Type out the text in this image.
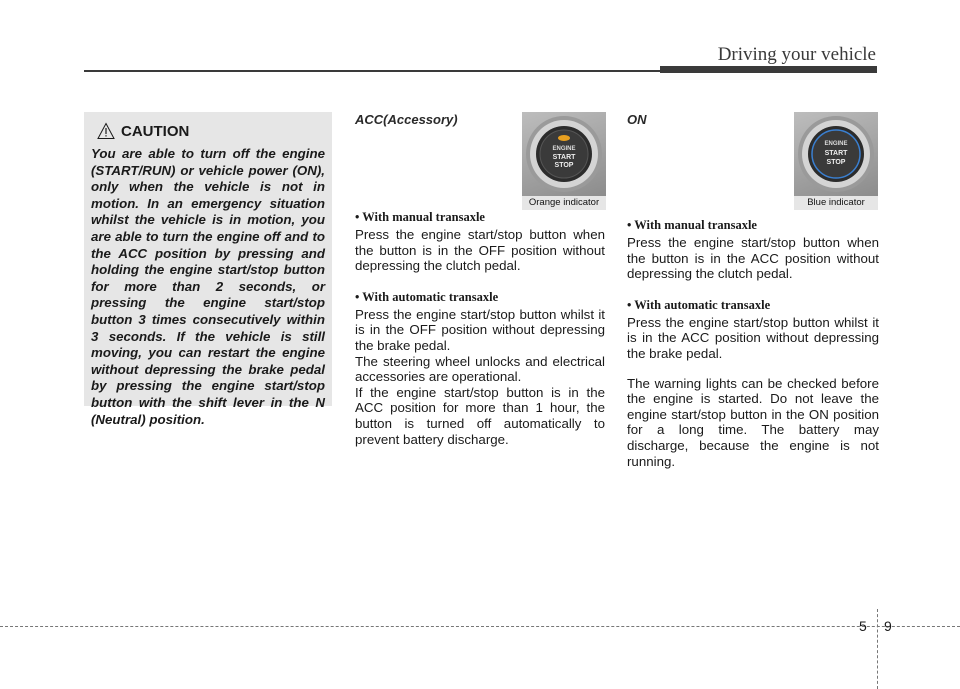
Driving your vehicle
CAUTION

You are able to turn off the engine (START/RUN) or vehicle power (ON), only when the vehicle is not in motion. In an emergency situation whilst the vehicle is in motion, you are able to turn the engine off and to the ACC position by pressing and holding the engine start/stop button for more than 2 seconds, or pressing the engine start/stop button 3 times consecutively within 3 seconds. If the vehicle is still moving, you can restart the engine without depressing the brake pedal by pressing the engine start/stop button with the shift lever in the N (Neutral) position.

ACC(Accessory)
ENGINE
START
STOP
Orange indicator
• With manual transaxle

Press the engine start/stop button when the button is in the OFF position without depressing the clutch pedal.

• With automatic transaxle

Press the engine start/stop button whilst it is in the OFF position without depressing the brake pedal.

The steering wheel unlocks and electrical accessories are operational.

If the engine start/stop button is in the ACC position for more than 1 hour, the button is turned off automatically to prevent battery discharge.

ON
ENGINE
START
STOP
Blue indicator
• With manual transaxle

Press the engine start/stop button when the button is in the ACC position without depressing the clutch pedal.

• With automatic transaxle

Press the engine start/stop button whilst it is in the ACC position without depressing the brake pedal.

The warning lights can be checked before the engine is started. Do not leave the engine start/stop button in the ON position for a long time. The battery may discharge, because the engine is not running.

5 9
